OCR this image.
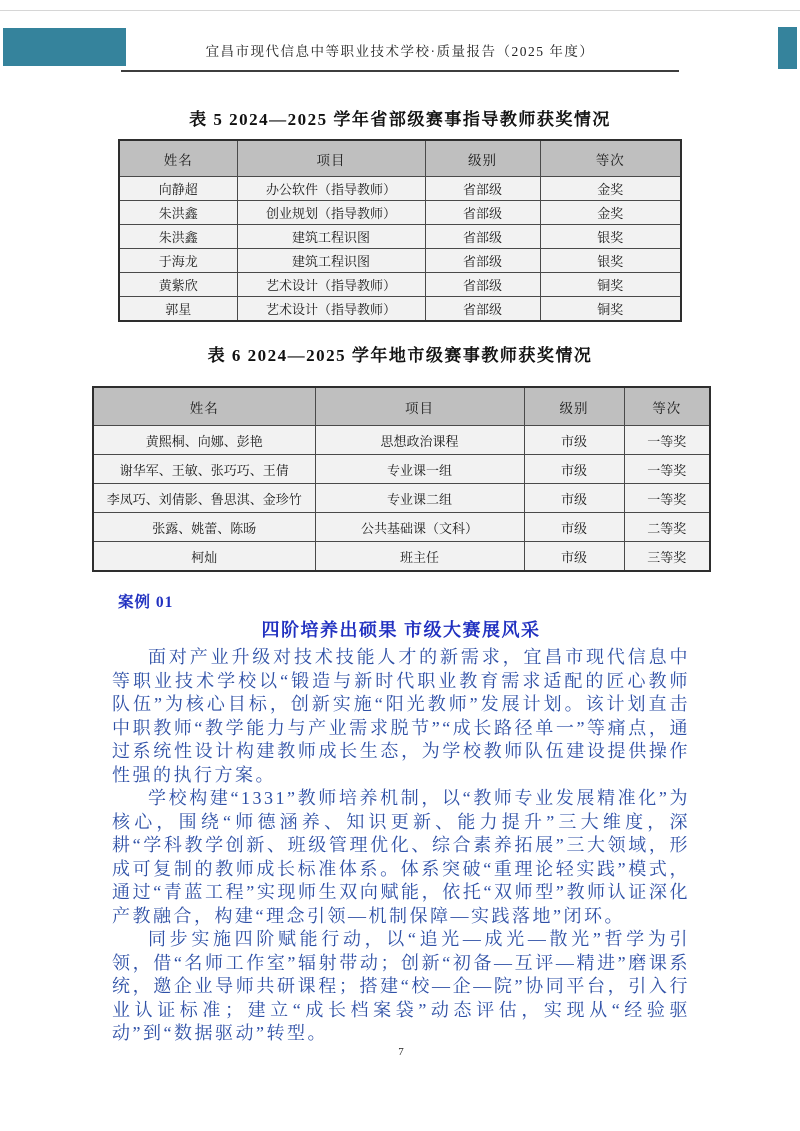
宜昌市现代信息中等职业技术学校·质量报告（2025 年度）
表 5 2024—2025 学年省部级赛事指导教师获奖情况
姓名	项目	级别	等次
向静超	办公软件（指导教师）	省部级	金奖
朱洪鑫	创业规划（指导教师）	省部级	金奖
朱洪鑫	建筑工程识图	省部级	银奖
于海龙	建筑工程识图	省部级	银奖
黄紫欣	艺术设计（指导教师）	省部级	铜奖
郭星	艺术设计（指导教师）	省部级	铜奖
表 6 2024—2025 学年地市级赛事教师获奖情况
姓名	项目	级别	等次
黄熙桐、向娜、彭艳	思想政治课程	市级	一等奖
谢华军、王敏、张巧巧、王倩	专业课一组	市级	一等奖
李凤巧、刘倩影、鲁思淇、金珍竹	专业课二组	市级	一等奖
张露、姚蕾、陈旸	公共基础课（文科）	市级	二等奖
柯灿	班主任	市级	三等奖
案例 01
四阶培养出硕果 市级大赛展风采

面对产业升级对技术技能人才的新需求，宜昌市现代信息中等职业技术学校以“锻造与新时代职业教育需求适配的匠心教师队伍”为核心目标，创新实施“阳光教师”发展计划。该计划直击中职教师“教学能力与产业需求脱节”“成长路径单一”等痛点，通过系统性设计构建教师成长生态，为学校教师队伍建设提供操作性强的执行方案。

学校构建“1331”教师培养机制，以“教师专业发展精准化”为核心，围绕“师德涵养、知识更新、能力提升”三大维度，深耕“学科教学创新、班级管理优化、综合素养拓展”三大领域，形成可复制的教师成长标准体系。体系突破“重理论轻实践”模式，通过“青蓝工程”实现师生双向赋能，依托“双师型”教师认证深化产教融合，构建“理念引领—机制保障—实践落地”闭环。

同步实施四阶赋能行动，以“追光—成光—散光”哲学为引领，借“名师工作室”辐射带动；创新“初备—互评—精进”磨课系统，邀企业导师共研课程；搭建“校—企—院”协同平台，引入行业认证标准；建立“成长档案袋”动态评估，实现从“经验驱动”到“数据驱动”转型。

7
